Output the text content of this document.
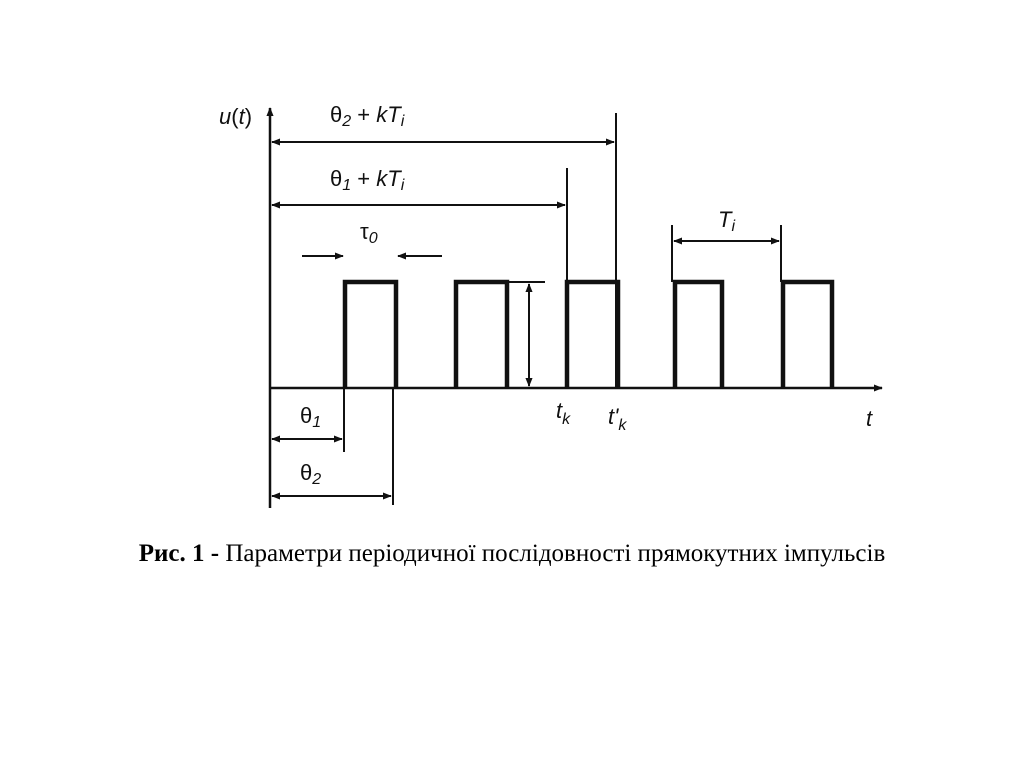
u(t)	θ2 + kTi
θ1 + kTi
τ0
Ti
θ1
θ2
$t_k$ $t'_k$	t

Рис. 1 - Параметри періодичної послідовності прямокутних імпульсів
